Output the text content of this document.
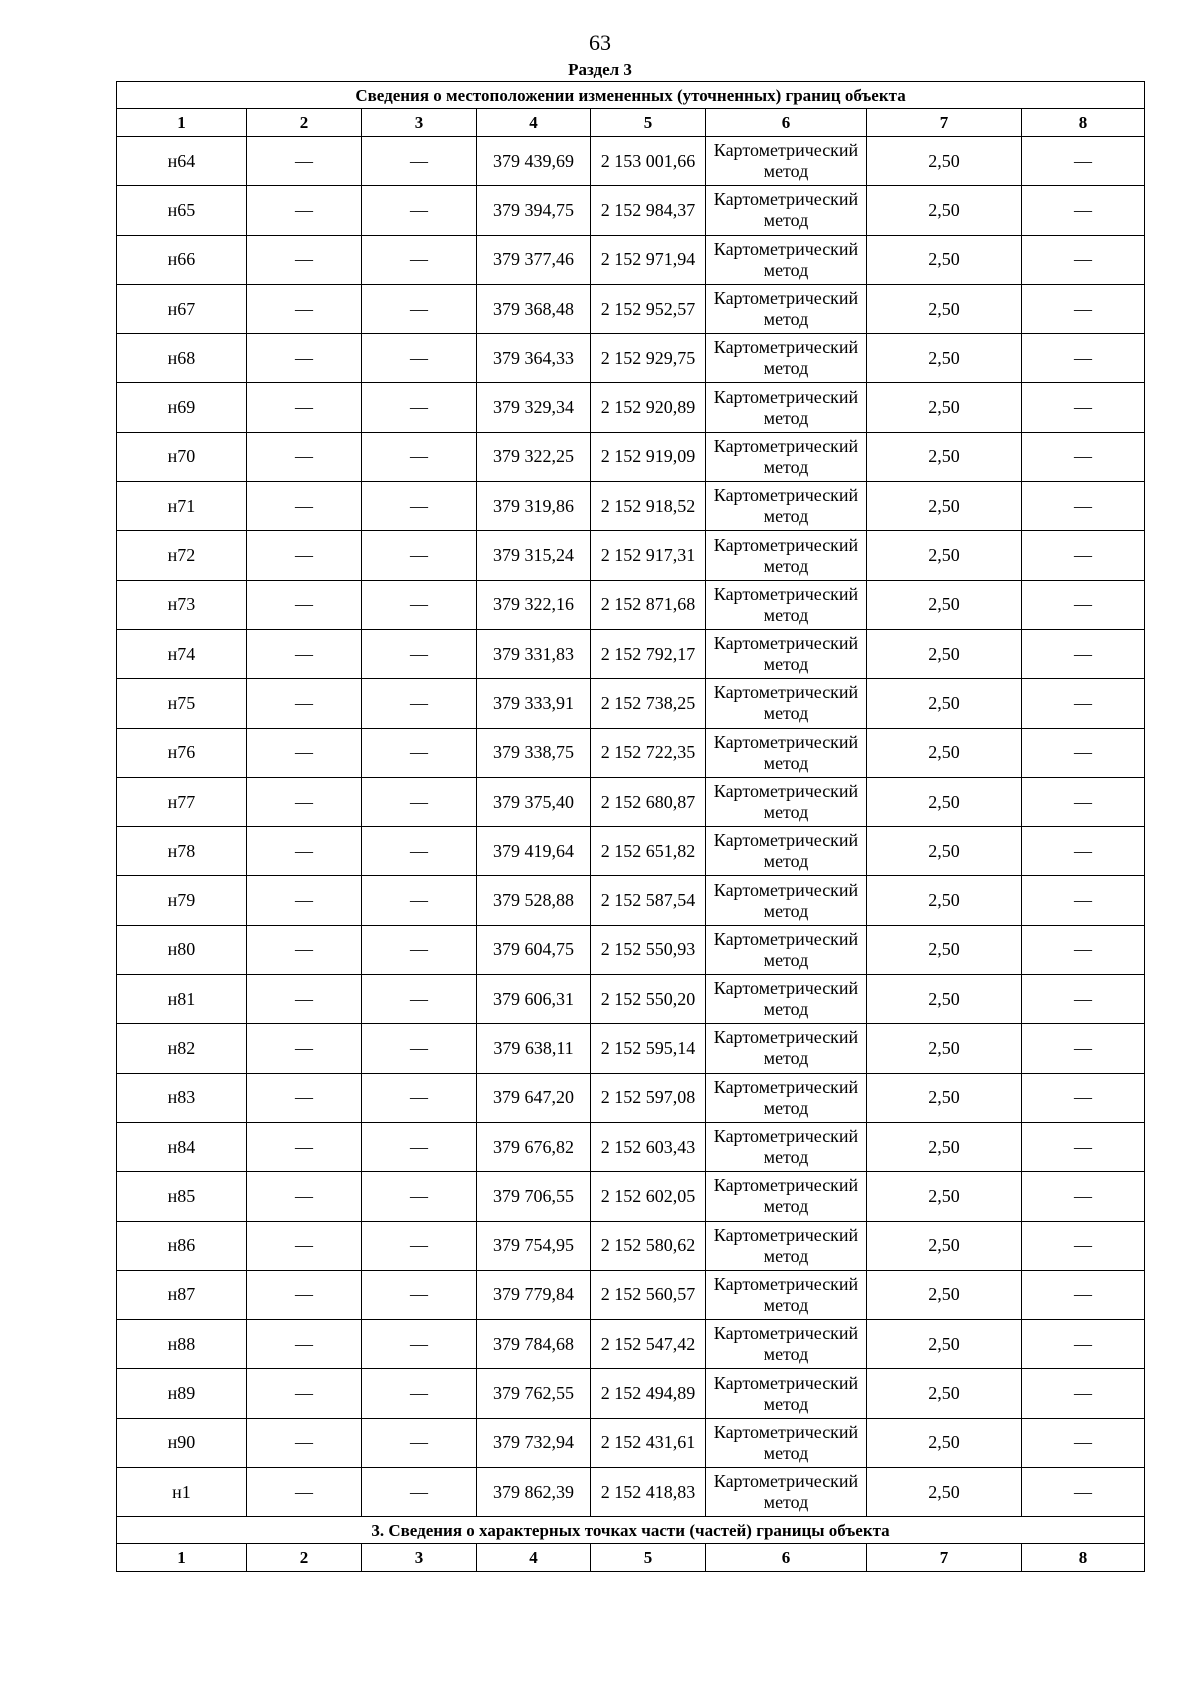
63
Раздел 3
Сведения о местоположении измененных (уточненных) границ объекта							
1	2	3	4	5	6	7	8
н64	—	—	379 439,69	2 153 001,66	Картометрический метод	2,50	—
н65	—	—	379 394,75	2 152 984,37	Картометрический метод	2,50	—
н66	—	—	379 377,46	2 152 971,94	Картометрический метод	2,50	—
н67	—	—	379 368,48	2 152 952,57	Картометрический метод	2,50	—
н68	—	—	379 364,33	2 152 929,75	Картометрический метод	2,50	—
н69	—	—	379 329,34	2 152 920,89	Картометрический метод	2,50	—
н70	—	—	379 322,25	2 152 919,09	Картометрический метод	2,50	—
н71	—	—	379 319,86	2 152 918,52	Картометрический метод	2,50	—
н72	—	—	379 315,24	2 152 917,31	Картометрический метод	2,50	—
н73	—	—	379 322,16	2 152 871,68	Картометрический метод	2,50	—
н74	—	—	379 331,83	2 152 792,17	Картометрический метод	2,50	—
н75	—	—	379 333,91	2 152 738,25	Картометрический метод	2,50	—
н76	—	—	379 338,75	2 152 722,35	Картометрический метод	2,50	—
н77	—	—	379 375,40	2 152 680,87	Картометрический метод	2,50	—
н78	—	—	379 419,64	2 152 651,82	Картометрический метод	2,50	—
н79	—	—	379 528,88	2 152 587,54	Картометрический метод	2,50	—
н80	—	—	379 604,75	2 152 550,93	Картометрический метод	2,50	—
н81	—	—	379 606,31	2 152 550,20	Картометрический метод	2,50	—
н82	—	—	379 638,11	2 152 595,14	Картометрический метод	2,50	—
н83	—	—	379 647,20	2 152 597,08	Картометрический метод	2,50	—
н84	—	—	379 676,82	2 152 603,43	Картометрический метод	2,50	—
н85	—	—	379 706,55	2 152 602,05	Картометрический метод	2,50	—
н86	—	—	379 754,95	2 152 580,62	Картометрический метод	2,50	—
н87	—	—	379 779,84	2 152 560,57	Картометрический метод	2,50	—
н88	—	—	379 784,68	2 152 547,42	Картометрический метод	2,50	—
н89	—	—	379 762,55	2 152 494,89	Картометрический метод	2,50	—
н90	—	—	379 732,94	2 152 431,61	Картометрический метод	2,50	—
н1	—	—	379 862,39	2 152 418,83	Картометрический метод	2,50	—
3. Сведения о характерных точках части (частей) границы объекта							
1	2	3	4	5	6	7	8
